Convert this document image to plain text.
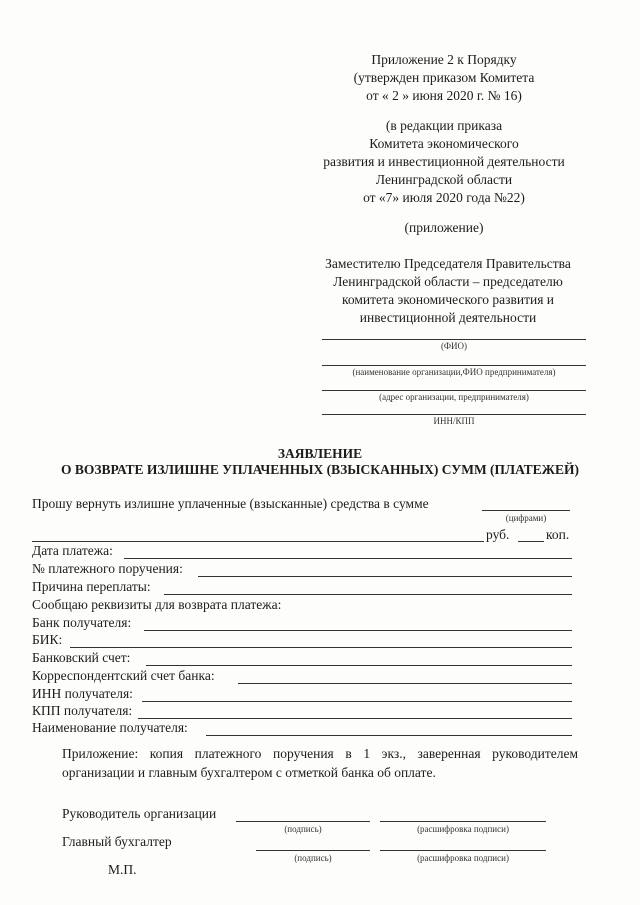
Приложение 2 к Порядку
(утвержден приказом Комитета
от « 2 » июня 2020 г. № 16)
(в редакции приказа
Комитета экономического
развития и инвестиционной деятельности
Ленинградской области
от «7» июля 2020 года №22)
(приложение)
Заместителю Председателя Правительства
Ленинградской области – председателю
комитета экономического развития и
инвестиционной деятельности
(ФИО)
(наименование организации,ФИО предпринимателя)
(адрес организации, предпринимателя)
ИНН/КПП
ЗАЯВЛЕНИЕ
О ВОЗВРАТЕ ИЗЛИШНЕ УПЛАЧЕННЫХ (ВЗЫСКАННЫХ) СУММ (ПЛАТЕЖЕЙ)
Прошу вернуть излишне уплаченные (взысканные) средства в сумме
(цифрами)
руб.	коп.
Дата платежа:
№ платежного поручения:
Причина переплаты:
Сообщаю реквизиты для возврата платежа:
Банк получателя:
БИК:
Банковский счет:
Корреспондентский счет банка:
ИНН получателя:
КПП получателя:
Наименование получателя:
Приложение: копия платежного поручения в 1 экз., заверенная руководителем организации и главным бухгалтером с отметкой банка об оплате.
Руководитель организации
(подпись)	(расшифровка подписи)
Главный бухгалтер
(подпись)	(расшифровка подписи)
М.П.
